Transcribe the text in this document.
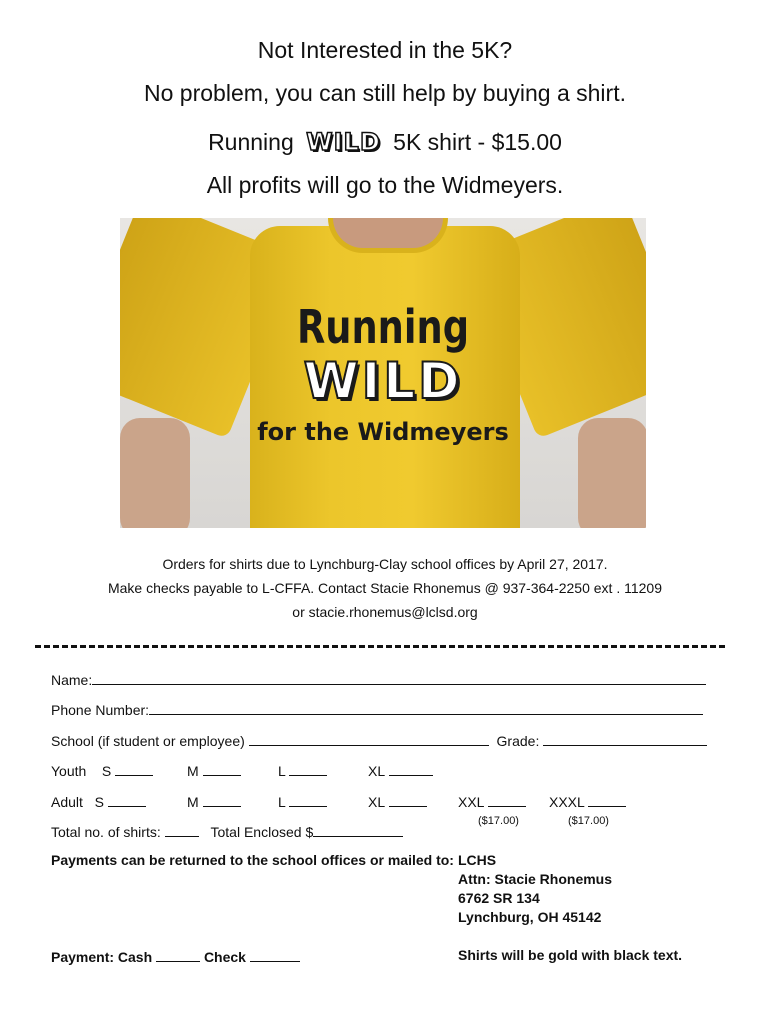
Not Interested in the 5K?
No problem, you can still help by buying a shirt.
Running WILD 5K shirt - $15.00
All profits will go to the Widmeyers.
Running
WILD
for the Widmeyers
Orders for shirts due to Lynchburg-Clay school offices by April 27, 2017.
Make checks payable to L-CFFA. Contact Stacie Rhonemus @ 937-364-2250 ext . 11209
or stacie.rhonemus@lclsd.org
Name:
Phone Number:
School (if student or employee)	Grade:
Youth S	M	L	XL
Adult S	M	L	XL	XXL	XXXL
($17.00)	($17.00)
Total no. of shirts:	Total Enclosed $
Payments can be returned to the school offices or mailed to: LCHS
Attn: Stacie Rhonemus
6762 SR 134
Lynchburg, OH 45142
Payment: Cash	Check	Shirts will be gold with black text.
